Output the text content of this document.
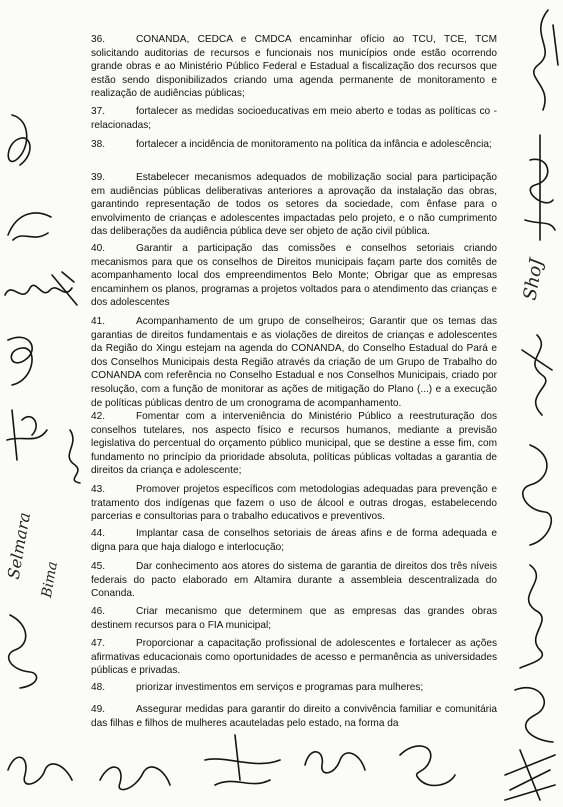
36.	CONANDA, CEDCA e CMDCA encaminhar ofício ao TCU, TCE, TCM solicitando auditorias de recursos e funcionais nos municípios onde estão ocorrendo grande obras e ao Ministério Público Federal e Estadual a fiscalização dos recursos que estão sendo disponibilizados criando uma agenda permanente de monitoramento e realização de audiências públicas;

37.	fortalecer as medidas socioeducativas em meio aberto e todas as políticas co - relacionadas;

38.	fortalecer a incidência de monitoramento na política da infância e adolescência;

39.	Estabelecer mecanismos adequados de mobilização social para participação em audiências públicas deliberativas anteriores a aprovação da instalação das obras, garantindo representação de todos os setores da sociedade, com ênfase para o envolvimento de crianças e adolescentes impactadas pelo projeto, e o não cumprimento das deliberações da audiência pública deve ser objeto de ação civil pública.

40.	Garantir a participação das comissões e conselhos setoriais criando mecanismos para que os conselhos de Direitos municipais façam parte dos comitês de acompanhamento local dos empreendimentos Belo Monte; Obrigar que as empresas encaminhem os planos, programas a projetos voltados para o atendimento das crianças e dos adolescentes

41.	Acompanhamento de um grupo de conselheiros; Garantir que os temas das garantias de direitos fundamentais e as violações de direitos de crianças e adolescentes da Região do Xingu estejam na agenda do CONANDA, do Conselho Estadual do Pará e dos Conselhos Municipais desta Região através da criação de um Grupo de Trabalho do CONANDA com referência no Conselho Estadual e nos Conselhos Municipais, criado por resolução, com a função de monitorar as ações de mitigação do Plano (...) e a execução de políticas públicas dentro de um cronograma de acompanhamento.

42.	Fomentar com a interveniência do Ministério Público a reestruturação dos conselhos tutelares, nos aspecto físico e recursos humanos, mediante a previsão legislativa do percentual do orçamento público municipal, que se destine a esse fim, com fundamento no princípio da prioridade absoluta, políticas públicas voltadas a garantia de direitos da criança e adolescente;

43.	Promover projetos específicos com metodologias adequadas para prevenção e tratamento dos indígenas que fazem o uso de álcool e outras drogas, estabelecendo parcerias e consultorias para o trabalho educativos e preventivos.

44.	Implantar casa de conselhos setoriais de áreas afins e de forma adequada e digna para que haja dialogo e interlocução;

45.	Dar conhecimento aos atores do sistema de garantia de direitos dos três níveis federais do pacto elaborado em Altamira durante a assembleia descentralizada do Conanda.

46.	Criar mecanismo que determinem que as empresas das grandes obras destinem recursos para o FIA municipal;

47.	Proporcionar a capacitação profissional de adolescentes e fortalecer as ações afirmativas educacionais como oportunidades de acesso e permanência as universidades públicas e privadas.

48.	priorizar investimentos em serviços e programas para mulheres;

49.	Assegurar medidas para garantir do direito a convivência familiar e comunitária das filhas e filhos de mulheres acauteladas pelo estado, na forma da

Selmara Bima
ShoJ
